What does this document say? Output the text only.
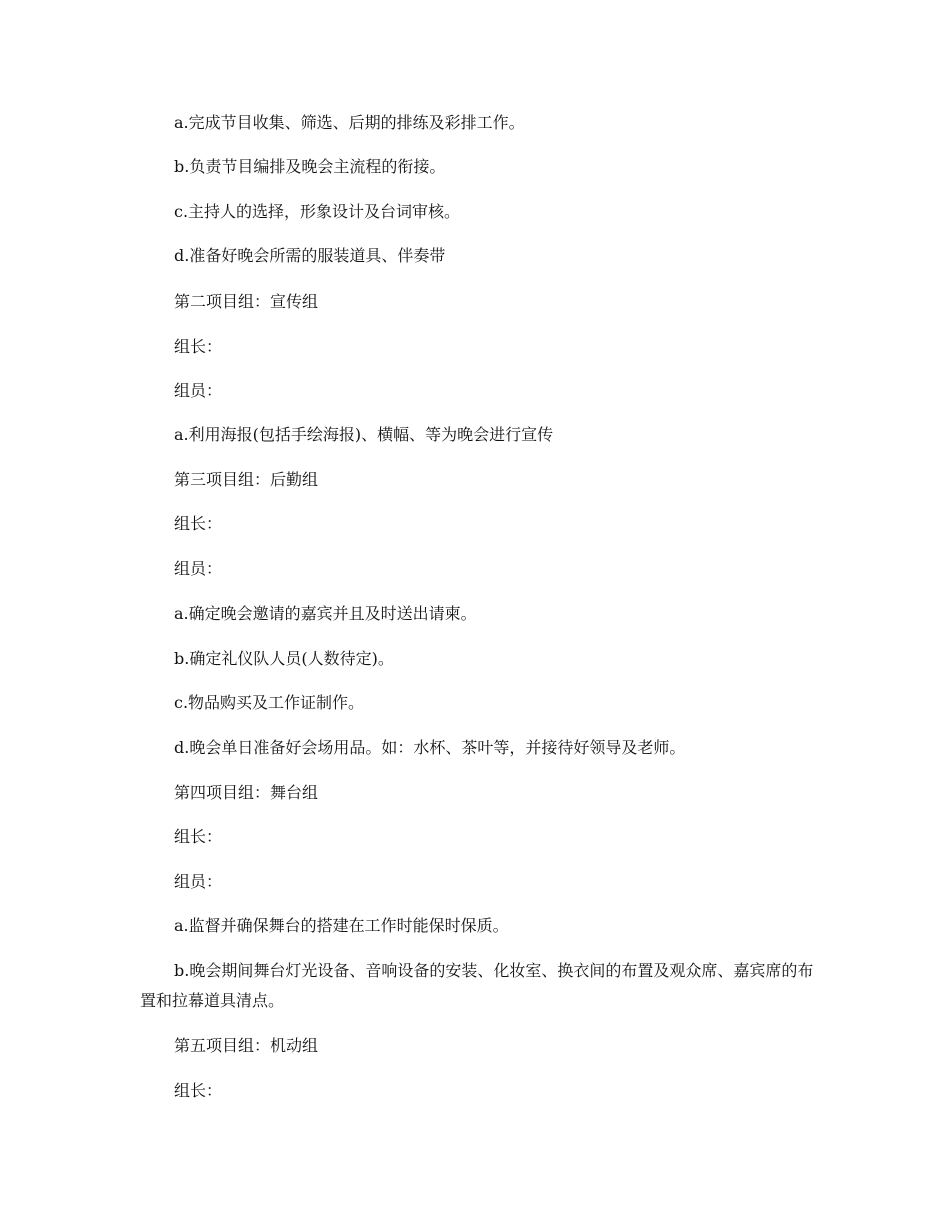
a.完成节目收集、筛选、后期的排练及彩排工作。

b.负责节目编排及晚会主流程的衔接。

c.主持人的选择，形象设计及台词审核。

d.准备好晚会所需的服装道具、伴奏带

第二项目组：宣传组

组长：

组员：

a.利用海报(包括手绘海报)、横幅、等为晚会进行宣传

第三项目组：后勤组

组长：

组员：

a.确定晚会邀请的嘉宾并且及时送出请柬。

b.确定礼仪队人员(人数待定)。

c.物品购买及工作证制作。

d.晚会单日准备好会场用品。如：水杯、茶叶等，并接待好领导及老师。

第四项目组：舞台组

组长：

组员：

a.监督并确保舞台的搭建在工作时能保时保质。

b.晚会期间舞台灯光设备、音响设备的安装、化妆室、换衣间的布置及观众席、嘉宾席的布置和拉幕道具清点。

第五项目组：机动组

组长：
